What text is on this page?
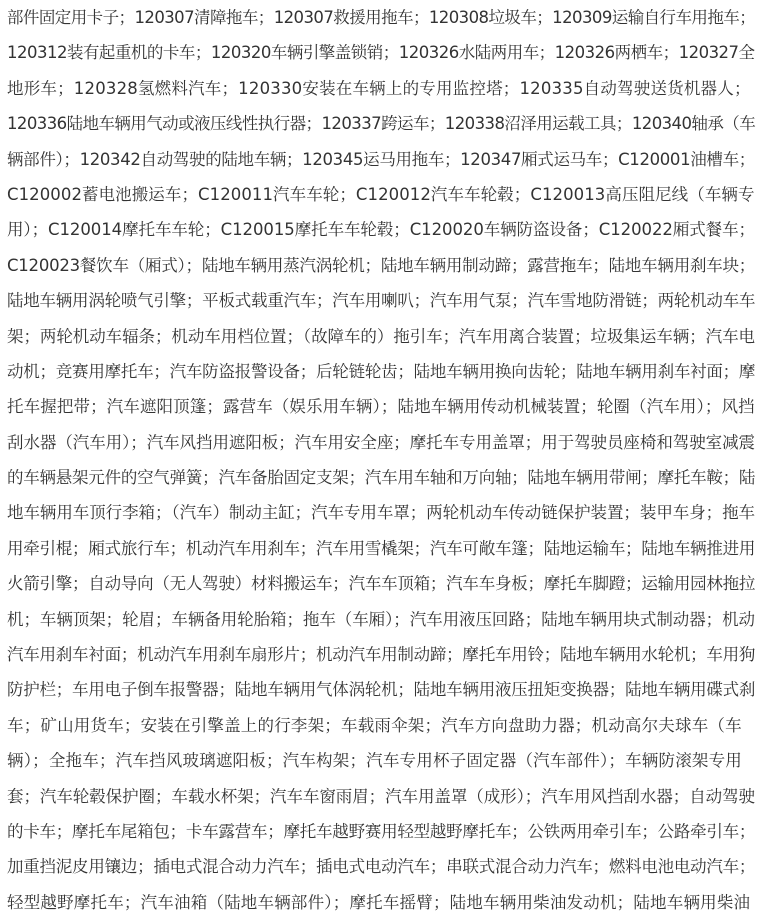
部件固定用卡子；120307清障拖车；120307救援用拖车；120308垃圾车；120309运输自行车用拖车；
120312装有起重机的卡车；120320车辆引擎盖锁销；120326水陆两用车；120326两栖车；120327全
地形车；120328氢燃料汽车；120330安装在车辆上的专用监控塔；120335自动驾驶送货机器人；
120336陆地车辆用气动或液压线性执行器；120337跨运车；120338沼泽用运载工具；120340轴承（车
辆部件）；120342自动驾驶的陆地车辆；120345运马用拖车；120347厢式运马车；C120001油槽车；
C120002蓄电池搬运车；C120011汽车车轮；C120012汽车车轮毂；C120013高压阻尼线（车辆专
用）；C120014摩托车车轮；C120015摩托车车轮毂；C120020车辆防盗设备；C120022厢式餐车；
C120023餐饮车（厢式）；陆地车辆用蒸汽涡轮机；陆地车辆用制动蹄；露营拖车；陆地车辆用刹车块；
陆地车辆用涡轮喷气引擎；平板式载重汽车；汽车用喇叭；汽车用气泵；汽车雪地防滑链；两轮机动车车
架；两轮机动车辐条；机动车用档位置；（故障车的）拖引车；汽车用离合装置；垃圾集运车辆；汽车电
动机；竞赛用摩托车；汽车防盗报警设备；后轮链轮齿；陆地车辆用换向齿轮；陆地车辆用刹车衬面；摩
托车握把带；汽车遮阳顶篷；露营车（娱乐用车辆）；陆地车辆用传动机械装置；轮圈（汽车用）；风挡
刮水器（汽车用）；汽车风挡用遮阳板；汽车用安全座；摩托车专用盖罩；用于驾驶员座椅和驾驶室减震
的车辆悬架元件的空气弹簧；汽车备胎固定支架；汽车用车轴和万向轴；陆地车辆用带闸；摩托车鞍；陆
地车辆用车顶行李箱；（汽车）制动主缸；汽车专用车罩；两轮机动车传动链保护装置；装甲车身；拖车
用牵引棍；厢式旅行车；机动汽车用刹车；汽车用雪橇架；汽车可敞车篷；陆地运输车；陆地车辆推进用
火箭引擎；自动导向（无人驾驶）材料搬运车；汽车车顶箱；汽车车身板；摩托车脚蹬；运输用园林拖拉
机；车辆顶架；轮眉；车辆备用轮胎箱；拖车（车厢）；汽车用液压回路；陆地车辆用块式制动器；机动
汽车用刹车衬面；机动汽车用刹车扇形片；机动汽车用制动蹄；摩托车用铃；陆地车辆用水轮机；车用狗
防护栏；车用电子倒车报警器；陆地车辆用气体涡轮机；陆地车辆用液压扭矩变换器；陆地车辆用碟式刹
车；矿山用货车；安装在引擎盖上的行李架；车载雨伞架；汽车方向盘助力器；机动高尔夫球车（车
辆）；全拖车；汽车挡风玻璃遮阳板；汽车构架；汽车专用杯子固定器（汽车部件）；车辆防滚架专用
套；汽车轮毂保护圈；车载水杯架；汽车车窗雨眉；汽车用盖罩（成形）；汽车用风挡刮水器；自动驾驶
的卡车；摩托车尾箱包；卡车露营车；摩托车越野赛用轻型越野摩托车；公铁两用牵引车；公路牵引车；
加重挡泥皮用镶边；插电式混合动力汽车；插电式电动汽车；串联式混合动力汽车；燃料电池电动汽车；
轻型越野摩托车；汽车油箱（陆地车辆部件）；摩托车摇臂；陆地车辆用柴油发动机；陆地车辆用柴油
